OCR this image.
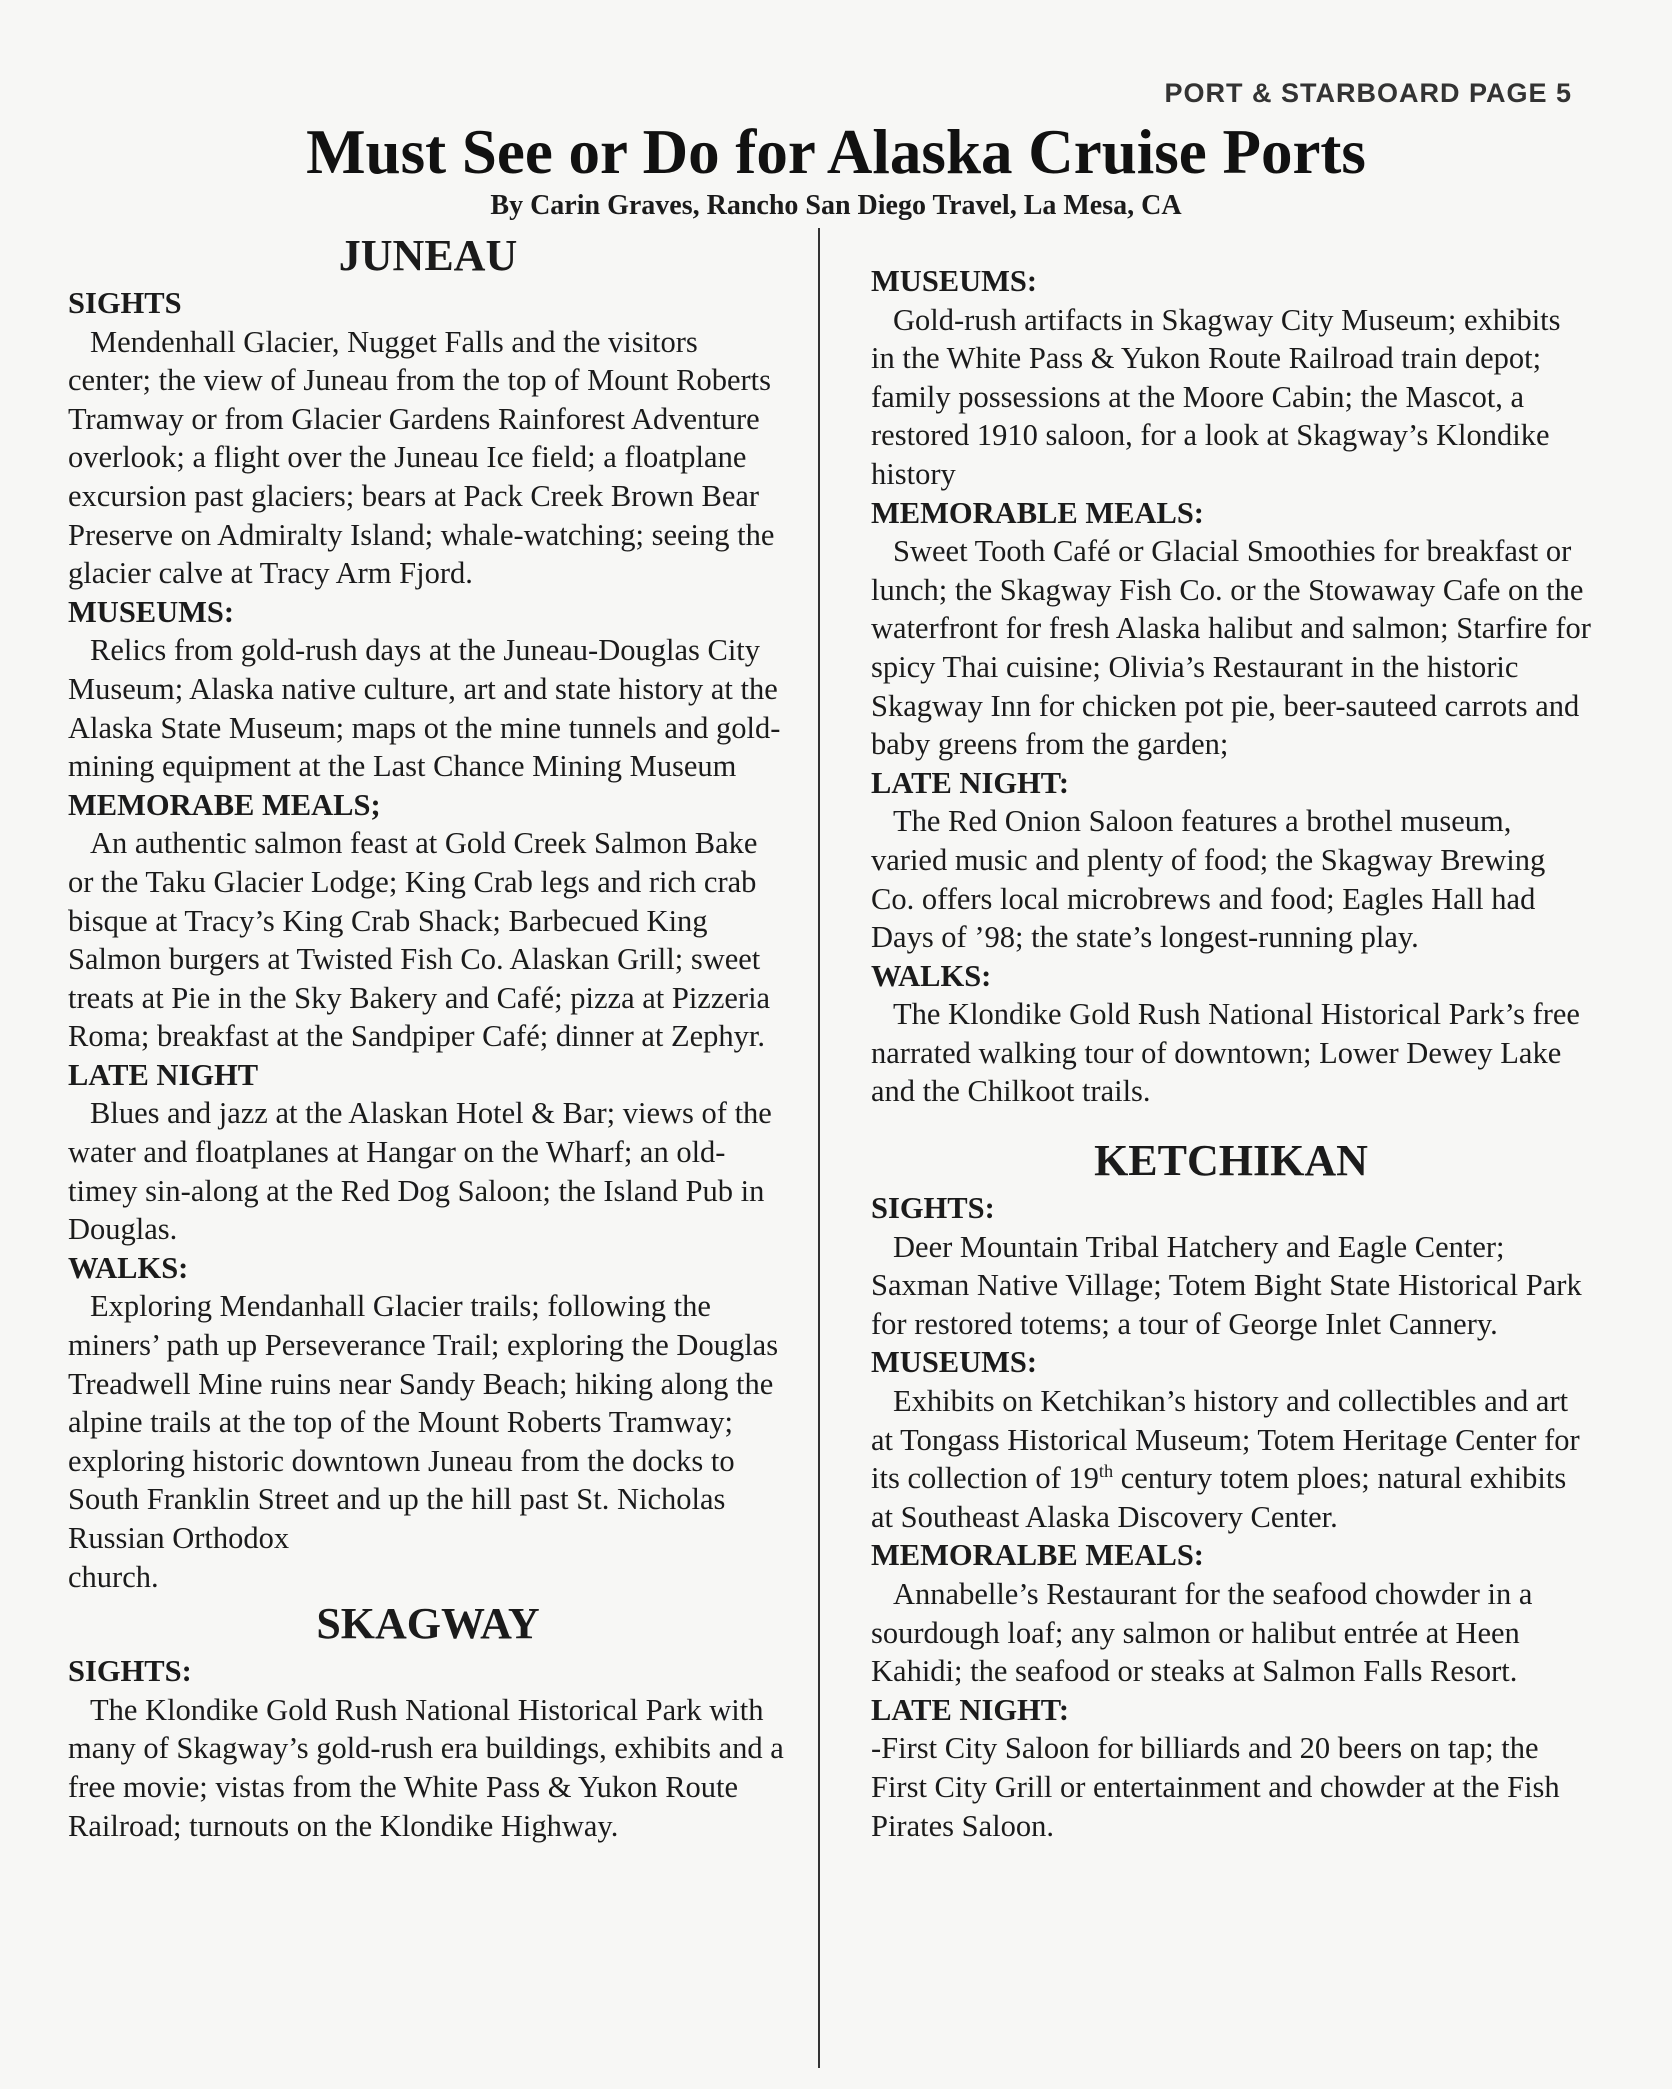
PORT & STARBOARD PAGE 5
Must See or Do for Alaska Cruise Ports
By Carin Graves, Rancho San Diego Travel, La Mesa, CA
JUNEAU

SIGHTS

Mendenhall Glacier, Nugget Falls and the visitors center; the view of Juneau from the top of Mount Roberts Tramway or from Glacier Gardens Rainforest Adventure overlook; a flight over the Juneau Ice field; a floatplane excursion past glaciers; bears at Pack Creek Brown Bear Preserve on Admiralty Island; whale-watching; seeing the glacier calve at Tracy Arm Fjord.

MUSEUMS:

Relics from gold-rush days at the Juneau-Douglas City Museum; Alaska native culture, art and state history at the Alaska State Museum; maps ot the mine tunnels and gold-mining equipment at the Last Chance Mining Museum

MEMORABE MEALS;

An authentic salmon feast at Gold Creek Salmon Bake or the Taku Glacier Lodge; King Crab legs and rich crab bisque at Tracy’s King Crab Shack; Barbecued King Salmon burgers at Twisted Fish Co. Alaskan Grill; sweet treats at Pie in the Sky Bakery and Café; pizza at Pizzeria Roma; breakfast at the Sandpiper Café; dinner at Zephyr.

LATE NIGHT

Blues and jazz at the Alaskan Hotel & Bar; views of the water and floatplanes at Hangar on the Wharf; an old-timey sin-along at the Red Dog Saloon; the Island Pub in Douglas.

WALKS:

Exploring Mendanhall Glacier trails; following the miners’ path up Perseverance Trail; exploring the Douglas Treadwell Mine ruins near Sandy Beach; hiking along the alpine trails at the top of the Mount Roberts Tramway; exploring historic downtown Juneau from the docks to South Franklin Street and up the hill past St. Nicholas Russian Orthodox

church.

SKAGWAY

SIGHTS:

The Klondike Gold Rush National Historical Park with many of Skagway’s gold-rush era buildings, exhibits and a free movie; vistas from the White Pass & Yukon Route Railroad; turnouts on the Klondike Highway.

MUSEUMS:

Gold-rush artifacts in Skagway City Museum; exhibits in the White Pass & Yukon Route Railroad train depot; family possessions at the Moore Cabin; the Mascot, a restored 1910 saloon, for a look at Skagway’s Klondike history

MEMORABLE MEALS:

Sweet Tooth Café or Glacial Smoothies for breakfast or lunch; the Skagway Fish Co. or the Stowaway Cafe on the waterfront for fresh Alaska halibut and salmon; Starfire for spicy Thai cuisine; Olivia’s Restaurant in the historic Skagway Inn for chicken pot pie, beer-sauteed carrots and baby greens from the garden;

LATE NIGHT:

The Red Onion Saloon features a brothel museum, varied music and plenty of food; the Skagway Brewing Co. offers local microbrews and food; Eagles Hall had Days of ’98; the state’s longest-running play.

WALKS:

The Klondike Gold Rush National Historical Park’s free narrated walking tour of downtown; Lower Dewey Lake and the Chilkoot trails.

KETCHIKAN

SIGHTS:

Deer Mountain Tribal Hatchery and Eagle Center; Saxman Native Village; Totem Bight State Historical Park for restored totems; a tour of George Inlet Cannery.

MUSEUMS:

Exhibits on Ketchikan’s history and collectibles and art at Tongass Historical Museum; Totem Heritage Center for its collection of 19th century totem ploes; natural exhibits at Southeast Alaska Discovery Center.

MEMORALBE MEALS:

Annabelle’s Restaurant for the seafood chowder in a sourdough loaf; any salmon or halibut entrée at Heen Kahidi; the seafood or steaks at Salmon Falls Resort.

LATE NIGHT:

-First City Saloon for billiards and 20 beers on tap; the First City Grill or entertainment and chowder at the Fish Pirates Saloon.
